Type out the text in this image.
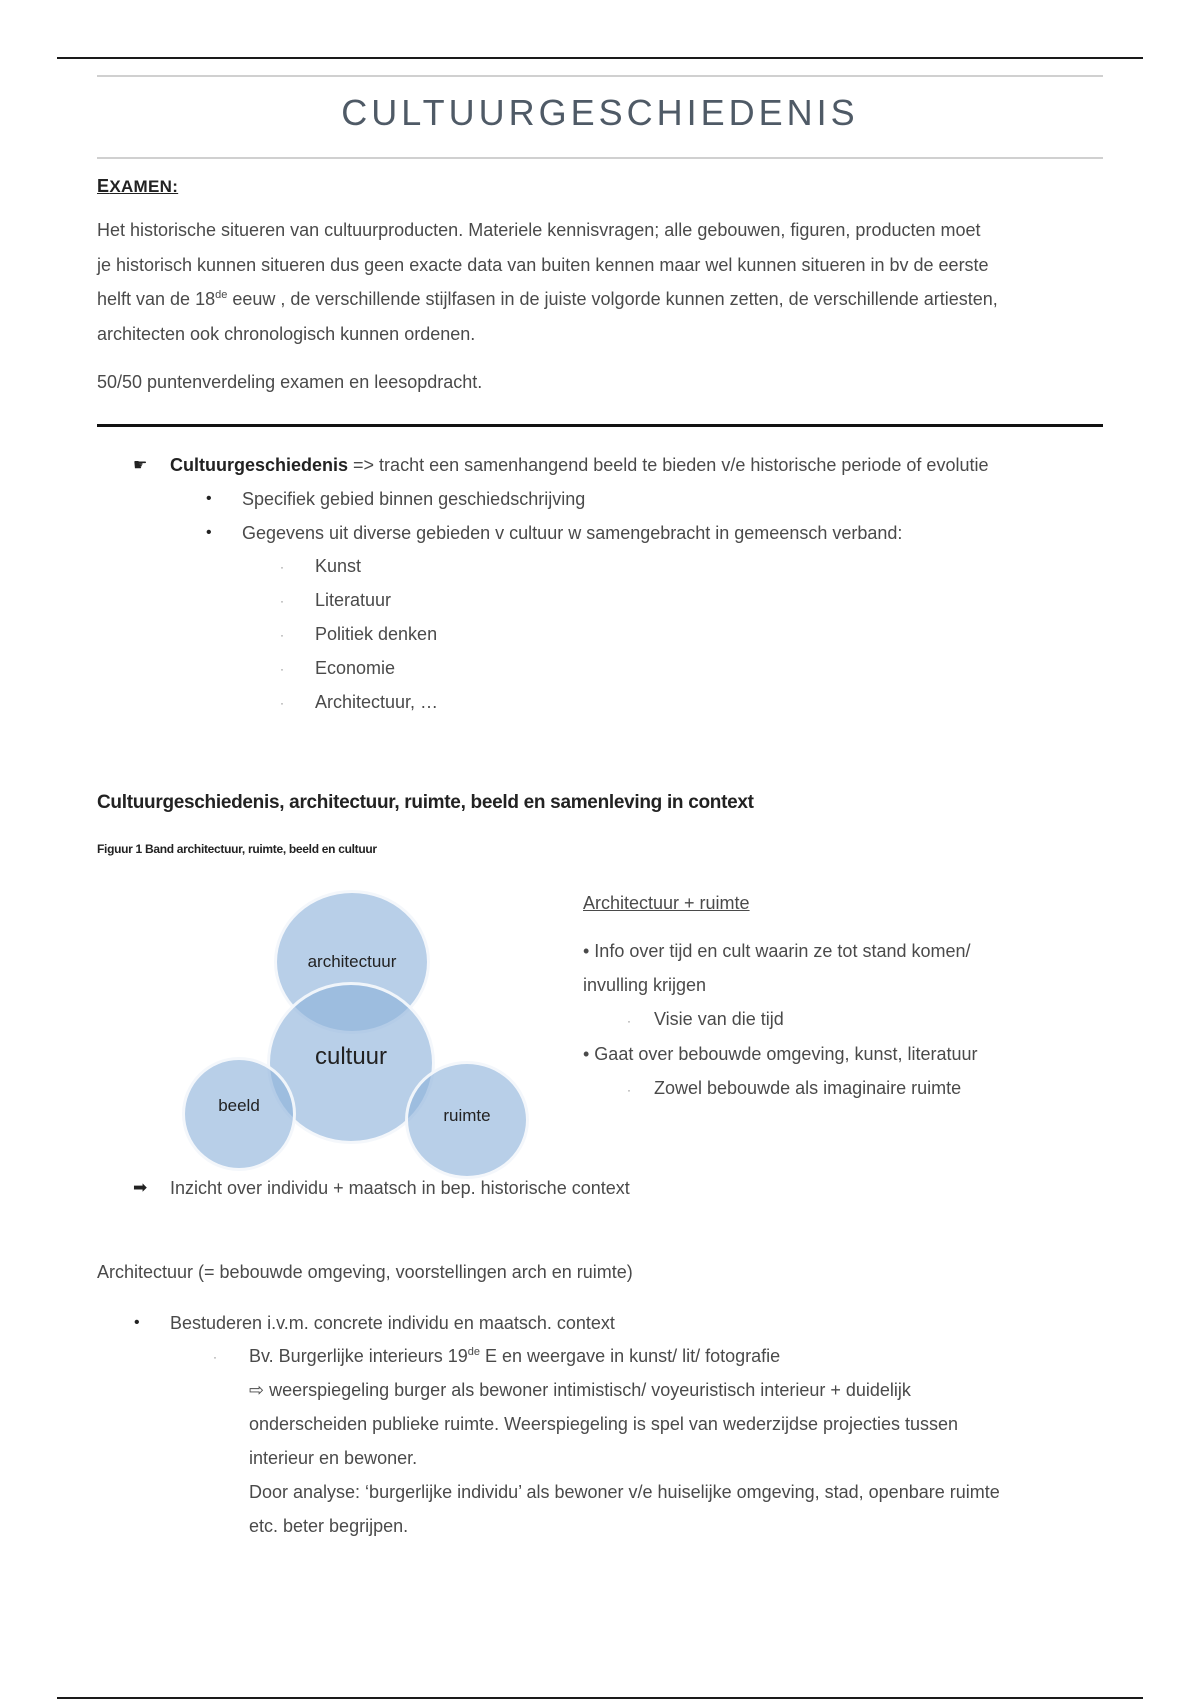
CULTUURGESCHIEDENIS
EXAMEN:
Het historische situeren van cultuurproducten. Materiele kennisvragen; alle gebouwen, figuren, producten moet
je historisch kunnen situeren dus geen exacte data van buiten kennen maar wel kunnen situeren in bv de eerste
helft van de 18de eeuw , de verschillende stijlfasen in de juiste volgorde kunnen zetten, de verschillende artiesten,
architecten ook chronologisch kunnen ordenen.
50/50 puntenverdeling examen en leesopdracht.
☛ Cultuurgeschiedenis => tracht een samenhangend beeld te bieden v/e historische periode of evolutie
• Specifiek gebied binnen geschiedschrijving
• Gegevens uit diverse gebieden v cultuur w samengebracht in gemeensch verband:
· Kunst
· Literatuur
· Politiek denken
· Economie
· Architectuur, …
Cultuurgeschiedenis, architectuur, ruimte, beeld en samenleving in context
Figuur 1 Band architectuur, ruimte, beeld en cultuur
architectuur
cultuur
beeld
ruimte
Architectuur + ruimte
• Info over tijd en cult waarin ze tot stand komen/
invulling krijgen
· Visie van die tijd
• Gaat over bebouwde omgeving, kunst, literatuur
· Zowel bebouwde als imaginaire ruimte
➡ Inzicht over individu + maatsch in bep. historische context
Architectuur (= bebouwde omgeving, voorstellingen arch en ruimte)
• Bestuderen i.v.m. concrete individu en maatsch. context
· Bv. Burgerlijke interieurs 19de E en weergave in kunst/ lit/ fotografie
⇨ weerspiegeling burger als bewoner intimistisch/ voyeuristisch interieur + duidelijk
onderscheiden publieke ruimte. Weerspiegeling is spel van wederzijdse projecties tussen
interieur en bewoner.
Door analyse: ‘burgerlijke individu’ als bewoner v/e huiselijke omgeving, stad, openbare ruimte
etc. beter begrijpen.
